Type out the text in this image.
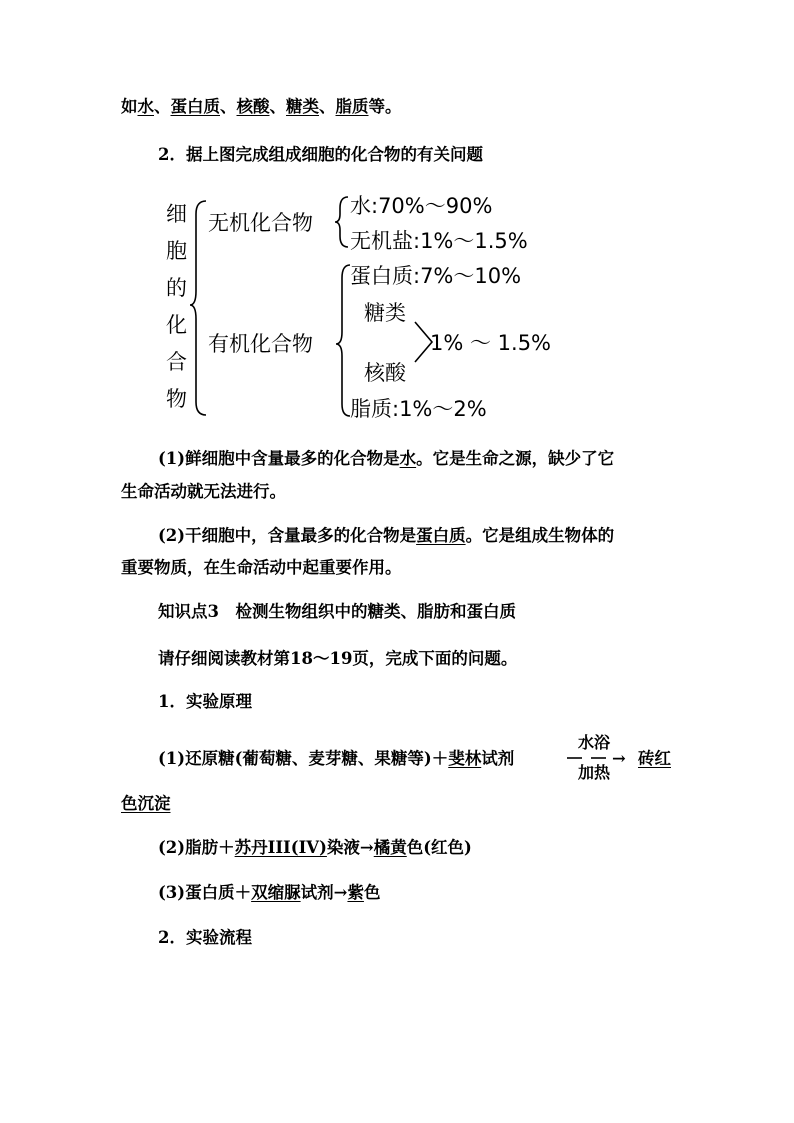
如水、蛋白质、核酸、糖类、脂质等。
2．据上图完成组成细胞的化合物的有关问题
细
胞
的
化
合
物
无机化合物
水:70%～90%
无机盐:1%～1.5%
有机化合物
蛋白质:7%～10%
糖类
核酸
1% ～ 1.5%
脂质:1%～2%
(1)鲜细胞中含量最多的化合物是水。它是生命之源，缺少了它
生命活动就无法进行。
(2)干细胞中，含量最多的化合物是蛋白质。它是组成生物体的
重要物质，在生命活动中起重要作用。
知识点3　检测生物组织中的糖类、脂肪和蛋白质
请仔细阅读教材第18～19页，完成下面的问题。
1．实验原理
(1)还原糖(葡萄糖、麦芽糖、果糖等)＋斐林试剂
水浴
加热
→ 砖红
色沉淀
(2)脂肪＋苏丹III(IV)染液→橘黄色(红色)
(3)蛋白质＋双缩脲试剂→紫色
2．实验流程
